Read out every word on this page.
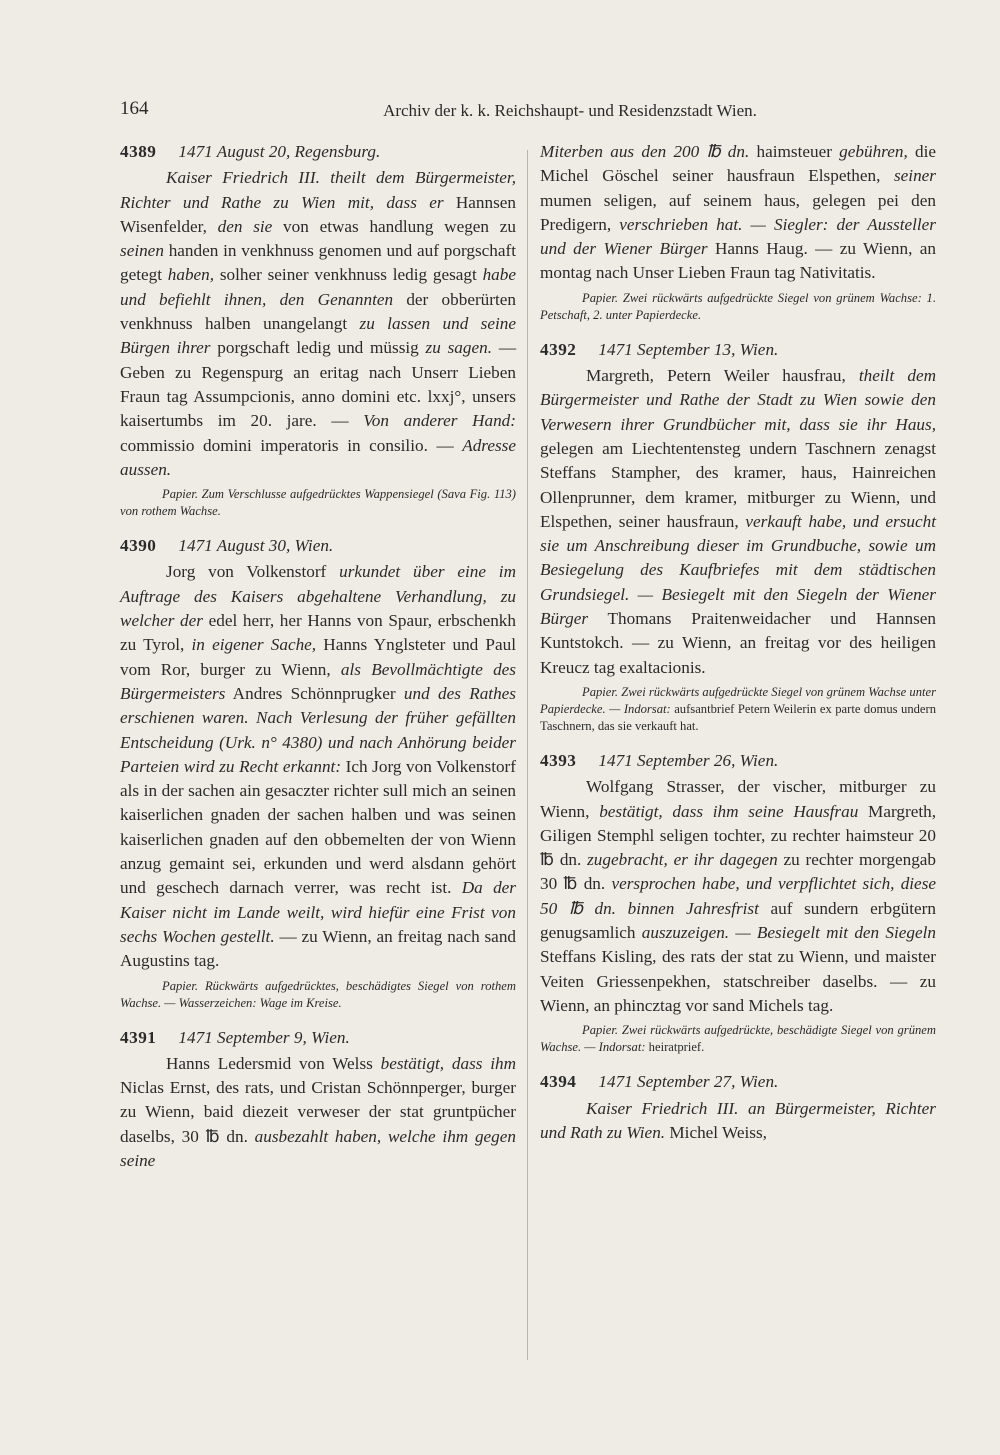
164	Archiv der k. k. Reichshaupt- und Residenzstadt Wien.
4389 1471 August 20, Regensburg.

Kaiser Friedrich III. theilt dem Bürgermeister, Richter und Rathe zu Wien mit, dass er Hannsen Wisenfelder, den sie von etwas handlung wegen zu seinen handen in venkhnuss genomen und auf porgschaft getegt haben, solher seiner venkhnuss ledig gesagt habe und befiehlt ihnen, den Genannten der obberürten venkhnuss halben unangelangt zu lassen und seine Bürgen ihrer porgschaft ledig und müssig zu sagen. — Geben zu Regenspurg an eritag nach Unserr Lieben Fraun tag Assumpcionis, anno domini etc. lxxj°, unsers kaisertumbs im 20. jare. — Von anderer Hand: commissio domini imperatoris in consilio. — Adresse aussen.

Papier. Zum Verschlusse aufgedrücktes Wappensiegel (Sava Fig. 113) von rothem Wachse.

4390 1471 August 30, Wien.

Jorg von Volkenstorf urkundet über eine im Auftrage des Kaisers abgehaltene Verhandlung, zu welcher der edel herr, her Hanns von Spaur, erbschenkh zu Tyrol, in eigener Sache, Hanns Ynglsteter und Paul vom Ror, burger zu Wienn, als Bevollmächtigte des Bürgermeisters Andres Schönnprugker und des Rathes erschienen waren. Nach Verlesung der früher gefällten Entscheidung (Urk. n° 4380) und nach Anhörung beider Parteien wird zu Recht erkannt: Ich Jorg von Volkenstorf als in der sachen ain gesaczter richter sull mich an seinen kaiserlichen gnaden der sachen halben und was seinen kaiserlichen gnaden auf den obbemelten der von Wienn anzug gemaint sei, erkunden und werd alsdann gehört und geschech darnach verrer, was recht ist. Da der Kaiser nicht im Lande weilt, wird hiefür eine Frist von sechs Wochen gestellt. — zu Wienn, an freitag nach sand Augustins tag.

Papier. Rückwärts aufgedrücktes, beschädigtes Siegel von rothem Wachse. — Wasserzeichen: Wage im Kreise.

4391 1471 September 9, Wien.

Hanns Ledersmid von Welss bestätigt, dass ihm Niclas Ernst, des rats, und Cristan Schönnperger, burger zu Wienn, baid diezeit verweser der stat gruntpücher daselbs, 30 ℔ dn. ausbezahlt haben, welche ihm gegen seine

Miterben aus den 200 ℔ dn. haimsteuer gebühren, die Michel Göschel seiner hausfraun Elspethen, seiner mumen seligen, auf seinem haus, gelegen pei den Predigern, verschrieben hat. — Siegler: der Aussteller und der Wiener Bürger Hanns Haug. — zu Wienn, an montag nach Unser Lieben Fraun tag Nativitatis.

Papier. Zwei rückwärts aufgedrückte Siegel von grünem Wachse: 1. Petschaft, 2. unter Papierdecke.

4392 1471 September 13, Wien.

Margreth, Petern Weiler hausfrau, theilt dem Bürgermeister und Rathe der Stadt zu Wien sowie den Verwesern ihrer Grundbücher mit, dass sie ihr Haus, gelegen am Liechtentensteg undern Taschnern zenagst Steffans Stampher, des kramer, haus, Hainreichen Ollenprunner, dem kramer, mitburger zu Wienn, und Elspethen, seiner hausfraun, verkauft habe, und ersucht sie um Anschreibung dieser im Grundbuche, sowie um Besiegelung des Kaufbriefes mit dem städtischen Grundsiegel. — Besiegelt mit den Siegeln der Wiener Bürger Thomans Praitenweidacher und Hannsen Kuntstokch. — zu Wienn, an freitag vor des heiligen Kreucz tag exaltacionis.

Papier. Zwei rückwärts aufgedrückte Siegel von grünem Wachse unter Papierdecke. — Indorsat: aufsantbrief Petern Weilerin ex parte domus undern Taschnern, das sie verkauft hat.

4393 1471 September 26, Wien.

Wolfgang Strasser, der vischer, mitburger zu Wienn, bestätigt, dass ihm seine Hausfrau Margreth, Giligen Stemphl seligen tochter, zu rechter haimsteur 20 ℔ dn. zugebracht, er ihr dagegen zu rechter morgengab 30 ℔ dn. versprochen habe, und verpflichtet sich, diese 50 ℔ dn. binnen Jahresfrist auf sundern erbgütern genugsamlich auszuzeigen. — Besiegelt mit den Siegeln Steffans Kisling, des rats der stat zu Wienn, und maister Veiten Griessenpekhen, statschreiber daselbs. — zu Wienn, an phincztag vor sand Michels tag.

Papier. Zwei rückwärts aufgedrückte, beschädigte Siegel von grünem Wachse. — Indorsat: heiratprief.

4394 1471 September 27, Wien.

Kaiser Friedrich III. an Bürgermeister, Richter und Rath zu Wien. Michel Weiss,
